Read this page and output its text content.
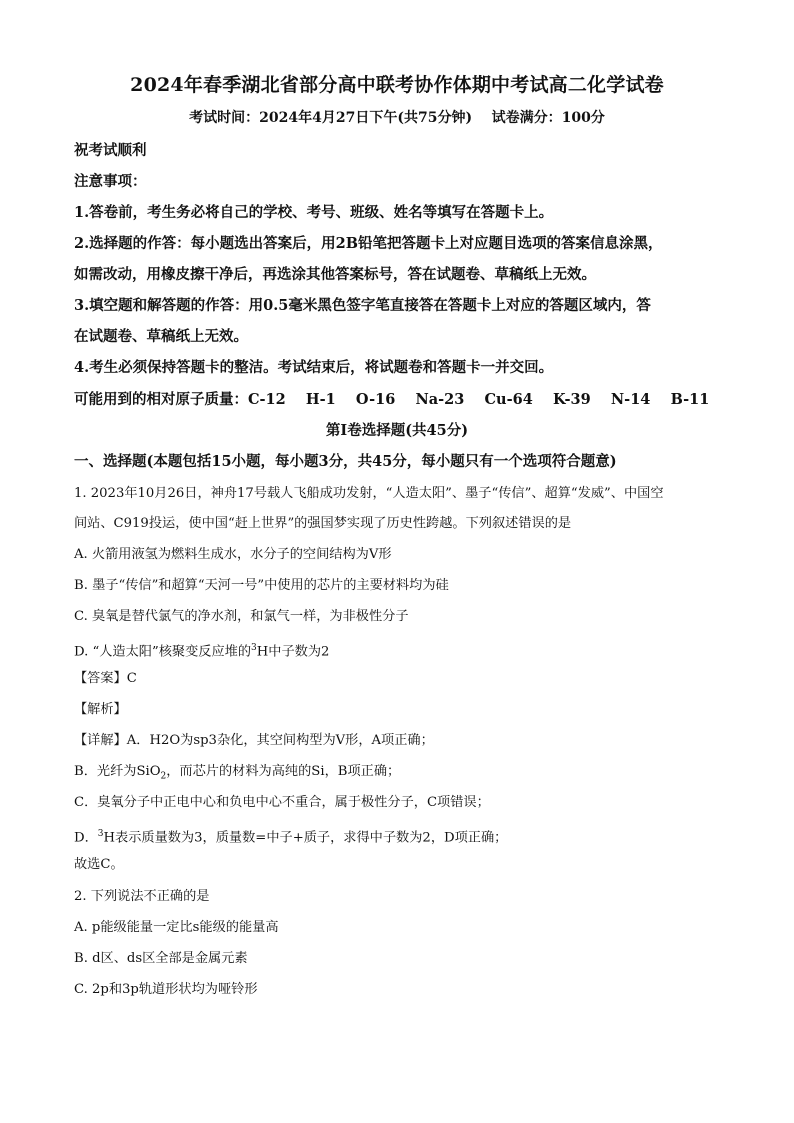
2024年春季湖北省部分高中联考协作体期中考试高二化学试卷
考试时间：2024年4月27日下午(共75分钟)    试卷满分：100分
祝考试顺利
注意事项：
1.答卷前，考生务必将自己的学校、考号、班级、姓名等填写在答题卡上。
2.选择题的作答：每小题选出答案后，用2B铅笔把答题卡上对应题目选项的答案信息涂黑，
如需改动，用橡皮擦干净后，再选涂其他答案标号，答在试题卷、草稿纸上无效。
3.填空题和解答题的作答：用0.5毫米黑色签字笔直接答在答题卡上对应的答题区域内，答
在试题卷、草稿纸上无效。
4.考生必须保持答题卡的整洁。考试结束后，将试题卷和答题卡一并交回。
可能用到的相对原子质量：C-12    H-1    O-16    Na-23    Cu-64    K-39    N-14    B-11
第Ⅰ卷选择题(共45分)
一、选择题(本题包括15小题，每小题3分，共45分，每小题只有一个选项符合题意)
1. 2023年10月26日，神舟17号载人飞船成功发射，“人造太阳”、墨子“传信”、超算“发威”、中国空
间站、C919投运，使中国“赶上世界”的强国梦实现了历史性跨越。下列叙述错误的是
A. 火箭用液氢为燃料生成水，水分子的空间结构为V形
B. 墨子“传信”和超算“天河一号”中使用的芯片的主要材料均为硅
C. 臭氧是替代氯气的净水剂，和氯气一样，为非极性分子
D. “人造太阳”核聚变反应堆的$^3$H中子数为2
【答案】C
【解析】
【详解】A．H2O为sp3杂化，其空间构型为V形，A项正确；
B．光纤为SiO$_2$，而芯片的材料为高纯的Si，B项正确；
C．臭氧分子中正电中心和负电中心不重合，属于极性分子，C项错误；
D．$^3$H表示质量数为3，质量数=中子+质子，求得中子数为2，D项正确；
故选C。
2. 下列说法不正确的是
A. p能级能量一定比s能级的能量高
B. d区、ds区全部是金属元素
C. 2p和3p轨道形状均为哑铃形
